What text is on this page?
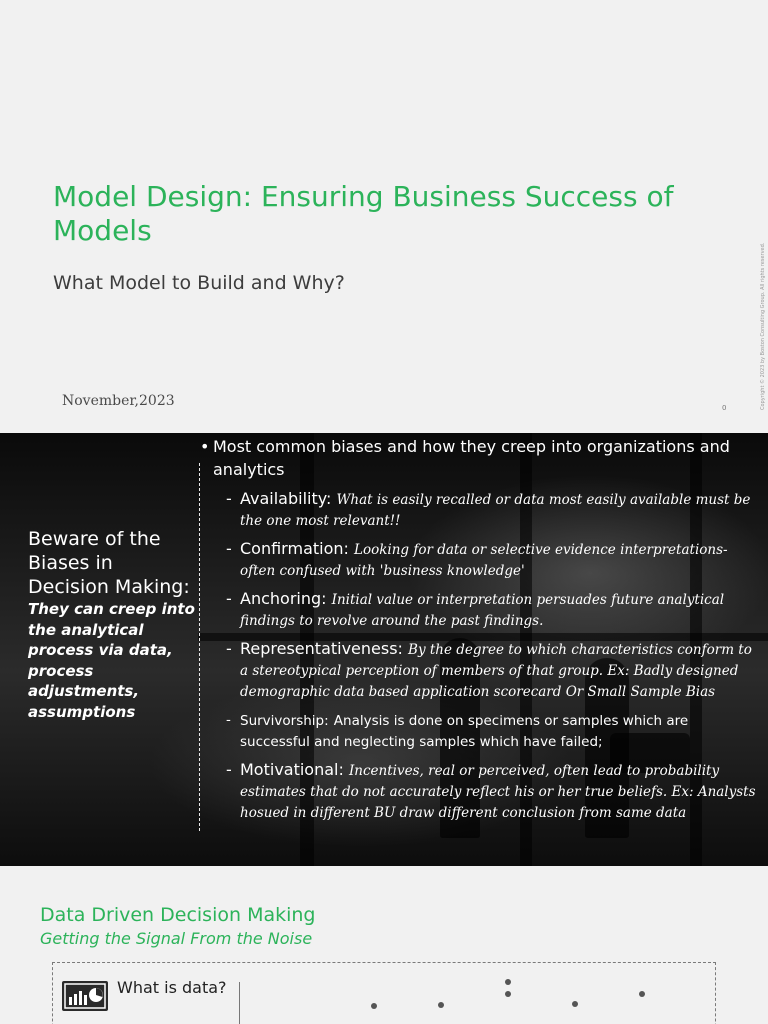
Model Design: Ensuring Business Success of Models
What Model to Build and Why?
November,2023	0	Copyright © 2023 by Boston Consulting Group. All rights reserved.
Beware of the Biases in Decision Making:
They can creep into the analytical process via data, process adjustments, assumptions
• Most common biases and how they creep into organizations and analytics
- Availability: What is easily recalled or data most easily available must be the one most relevant!!
- Confirmation: Looking for data or selective evidence interpretations- often confused with 'business knowledge'
- Anchoring: Initial value or interpretation persuades future analytical findings to revolve around the past findings.
- Representativeness: By the degree to which characteristics conform to a stereotypical perception of members of that group. Ex: Badly designed demographic data based application scorecard Or Small Sample Bias
- Survivorship: Analysis is done on specimens or samples which are successful and neglecting samples which have failed;
- Motivational: Incentives, real or perceived, often lead to probability estimates that do not accurately reflect his or her true beliefs. Ex: Analysts hosued in different BU draw different conclusion from same data
Data Driven Decision Making
Getting the Signal From the Noise
What is data?
